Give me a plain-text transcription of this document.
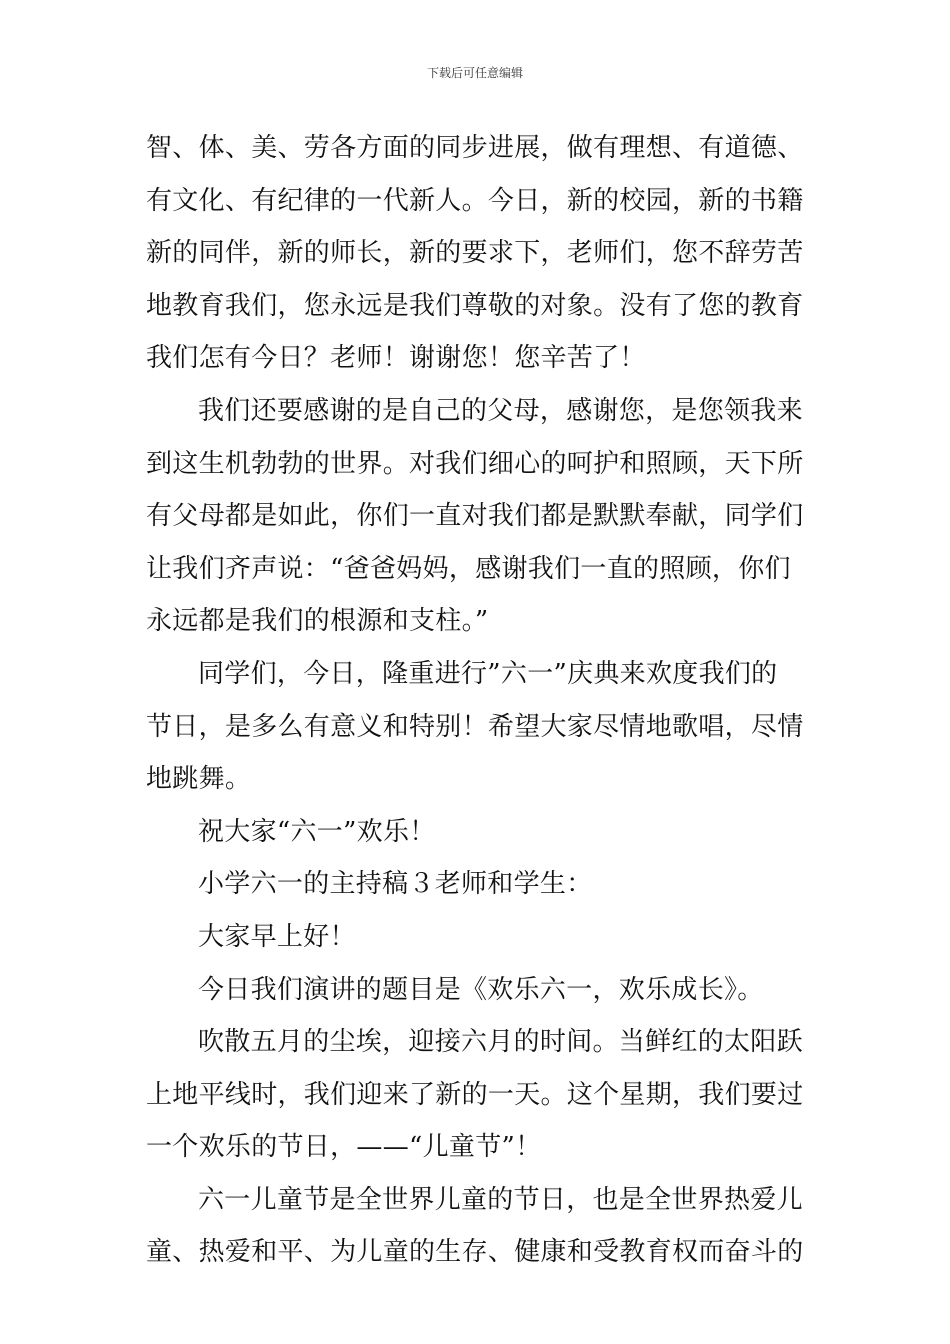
下载后可任意编辑
智、体、美、劳各方面的同步进展，做有理想、有道德、
有文化、有纪律的一代新人。今日，新的校园，新的书籍
新的同伴，新的师长，新的要求下，老师们，您不辞劳苦
地教育我们，您永远是我们尊敬的对象。没有了您的教育
我们怎有今日？老师！谢谢您！您辛苦了！
我们还要感谢的是自己的父母，感谢您，是您领我来
到这生机勃勃的世界。对我们细心的呵护和照顾，天下所
有父母都是如此，你们一直对我们都是默默奉献，同学们
让我们齐声说：“爸爸妈妈，感谢我们一直的照顾，你们
永远都是我们的根源和支柱。”
同学们，今日，隆重进行”六一”庆典来欢度我们的
节日，是多么有意义和特别！希望大家尽情地歌唱，尽情
地跳舞。
祝大家“六一”欢乐！
小学六一的主持稿３老师和学生：
大家早上好！
今日我们演讲的题目是《欢乐六一，欢乐成长》。
吹散五月的尘埃，迎接六月的时间。当鲜红的太阳跃
上地平线时，我们迎来了新的一天。这个星期，我们要过
一个欢乐的节日，——“儿童节”！
六一儿童节是全世界儿童的节日，也是全世界热爱儿
童、热爱和平、为儿童的生存、健康和受教育权而奋斗的
